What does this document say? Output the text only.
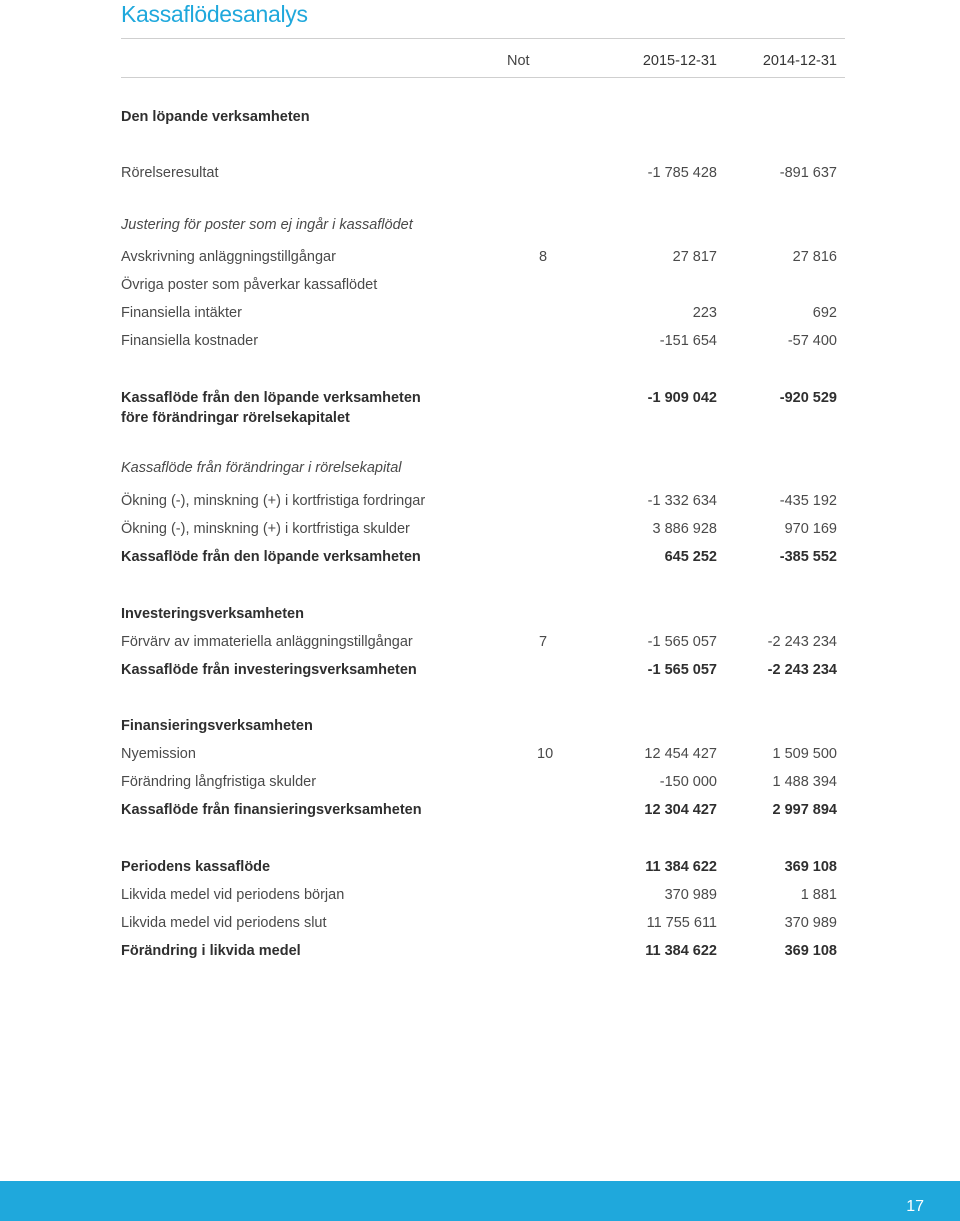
Kassaflödesanalys
Not	2015-12-31	2014-12-31
Den löpande verksamheten
Rörelseresultat	-1 785 428	-891 637
Justering för poster som ej ingår i kassaflödet
Avskrivning anläggningstillgångar	8	27 817	27 816
Övriga poster som påverkar kassaflödet
Finansiella intäkter	223	692
Finansiella kostnader	-151 654	-57 400
Kassaflöde från den löpande verksamheten före förändringar rörelsekapitalet
-1 909 042	-920 529
Kassaflöde från förändringar i rörelsekapital
Ökning (-), minskning (+) i kortfristiga fordringar	-1 332 634	-435 192
Ökning (-), minskning (+) i kortfristiga skulder	3 886 928	970 169
Kassaflöde från den löpande verksamheten	645 252	-385 552
Investeringsverksamheten
Förvärv av immateriella anläggningstillgångar	7	-1 565 057	-2 243 234
Kassaflöde från investeringsverksamheten	-1 565 057	-2 243 234
Finansieringsverksamheten
Nyemission	10	12 454 427	1 509 500
Förändring långfristiga skulder	-150 000	1 488 394
Kassaflöde från finansieringsverksamheten	12 304 427	2 997 894
Periodens kassaflöde	11 384 622	369 108
Likvida medel vid periodens början	370 989	1 881
Likvida medel vid periodens slut	11 755 611	370 989
Förändring i likvida medel	11 384 622	369 108
17
